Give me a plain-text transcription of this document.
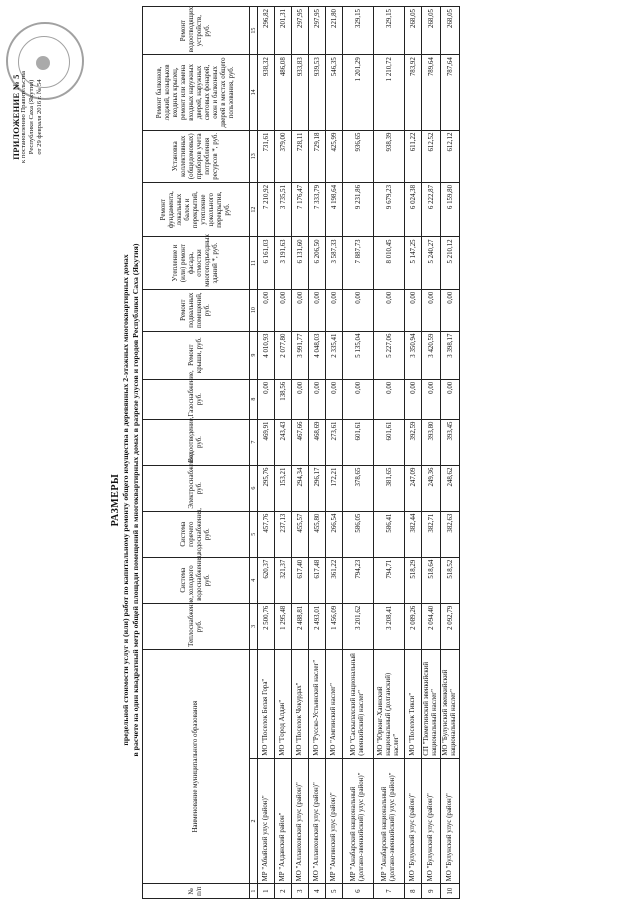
ПРИЛОЖЕНИЕ № 5 к постановлению Правительства Республики Саха (Якутия) от 29 февраля 2016 г. № 54
РАЗМЕРЫ предельной стоимости услуг и (или) работ по капитальному ремонту общего имущества в деревянных 2-этажных многоквартирных домах в расчете на один квадратный метр общей площади помещений в многоквартирных домах в разрезе улусов и городов Республики Саха (Якутия)
№ п/п	Наименование муниципального образования		Теплоснабжение, руб.	Система холодного водоснабжения, руб.	Система горячего водоснабжения, руб.	Электроснабжение, руб.	Водоотведение, руб.	Газоснабжение, руб.	Ремонт крыши, руб.	Ремонт подвальных помещений, руб.	Утепление и (или) ремонт фасада, отмостки многоподъездных зданий *, руб.	Ремонт фундамента, локальных балок и перекрытий, утепление цокольного перекрытия, руб.	Установка коллективных (общедомовых) приборов учета потребления ресурсов *, руб.	Ремонт балконов, лоджий, козырьков входных крылец, ремонт или замена входных наружных дверей, наружных световых фонарей, окон и балконных дверей в местах общего пользования, руб.	Ремонт водоотводящих устройств, руб.
1	2		3	4	5	6	7	8	9	10	11	12	13	14	15
1	МР "Абыйский улус (район)"	МО "Поселок Белая Гора"	2 500,76	620,37	457,76	295,76	469,91	0,00	4 010,93	0,00	6 161,03	7 210,92	731,61	938,32	296,82
2	МР "Алданский район"	МО "Город Алдан"	1 295,48	321,37	237,13	153,21	243,43	138,56	2 077,80	0,00	3 191,63	3 735,51	379,00	486,08	201,31
3	МО "Аллаиховский улус (район)"	МО "Поселок Чокурдах"	2 488,81	617,40	455,57	294,34	467,66	0,00	3 991,77	0,00	6 131,60	7 176,47	728,11	933,83	297,95
4	МО "Аллаиховский улус (район)"	МО "Русско-Устьинский наслег"	2 493,01	617,48	455,80	296,17	468,69	0,00	4 048,03	0,00	6 206,50	7 333,79	729,18	939,53	297,95
5	МР "Амгинский улус (район)"	МО "Амгинский наслег"	1 456,09	361,22	266,54	172,21	273,61	0,00	2 335,41	0,00	3 587,33	4 198,64	425,99	546,35	221,80
6	МР "Анабарский национальный (долгано-эвенкийский) улус (район)"	МО "Саскылахский национальный (эвенкийский) наслег"	3 201,62	794,23	586,05	378,65	601,61	0,00	5 135,04	0,00	7 887,73	9 231,86	936,65	1 201,29	329,15
7	МР "Анабарский национальный (долгано-эвенкийский) улус (район)"	МО "Юрюнг-Хаинский национальный (долганский) наслег"	3 208,41	794,71	586,41	381,65	601,61	0,00	5 227,06	0,00	8 010,45	9 679,23	938,39	1 210,72	329,15
8	МО "Булунский улус (район)"	МО "Поселок Тикси"	2 089,26	518,29	382,44	247,09	392,59	0,00	3 350,94	0,00	5 147,25	6 024,38	611,22	783,92	268,05
9	МО "Булунский улус (район)"	СП "Тюметинский эвенкийский национальный наслег"	2 094,40	518,64	382,71	249,36	393,80	0,00	3 420,59	0,00	5 240,27	6 222,87	612,52	789,64	268,05
10	МО "Булунский улус (район)"	МО "Булунский эвенкийский национальный наслег"	2 092,79	518,52	382,63	248,62	393,45	0,00	3 398,17	0,00	5 210,12	6 159,80	612,12	787,64	268,05
